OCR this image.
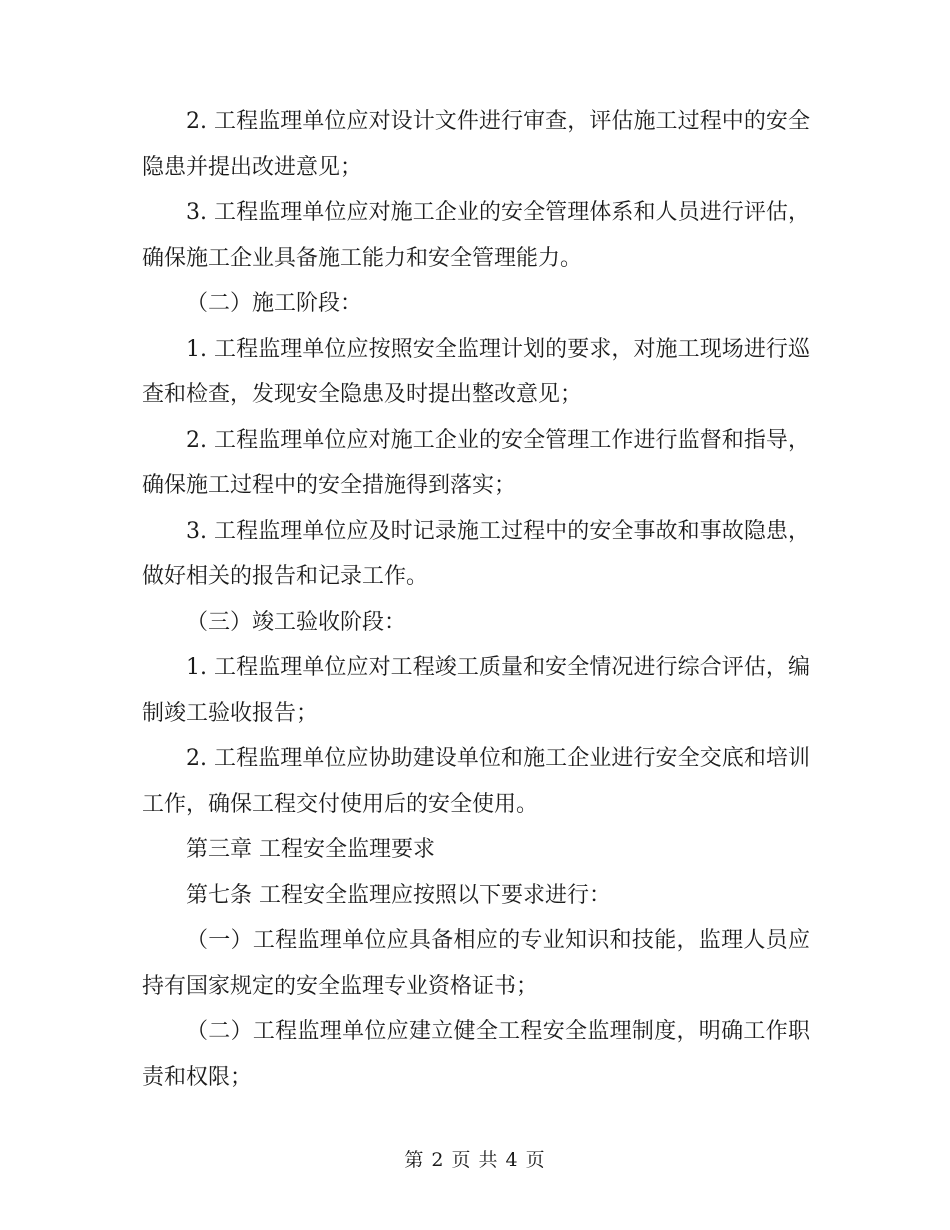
2. 工程监理单位应对设计文件进行审查，评估施工过程中的安全隐患并提出改进意见；

3. 工程监理单位应对施工企业的安全管理体系和人员进行评估，确保施工企业具备施工能力和安全管理能力。

（二）施工阶段：

1. 工程监理单位应按照安全监理计划的要求，对施工现场进行巡查和检查，发现安全隐患及时提出整改意见；

2. 工程监理单位应对施工企业的安全管理工作进行监督和指导，确保施工过程中的安全措施得到落实；

3. 工程监理单位应及时记录施工过程中的安全事故和事故隐患，做好相关的报告和记录工作。

（三）竣工验收阶段：

1. 工程监理单位应对工程竣工质量和安全情况进行综合评估，编制竣工验收报告；

2. 工程监理单位应协助建设单位和施工企业进行安全交底和培训工作，确保工程交付使用后的安全使用。

第三章 工程安全监理要求

第七条 工程安全监理应按照以下要求进行：

（一）工程监理单位应具备相应的专业知识和技能，监理人员应持有国家规定的安全监理专业资格证书；

（二）工程监理单位应建立健全工程安全监理制度，明确工作职责和权限；

第 2 页 共 4 页
